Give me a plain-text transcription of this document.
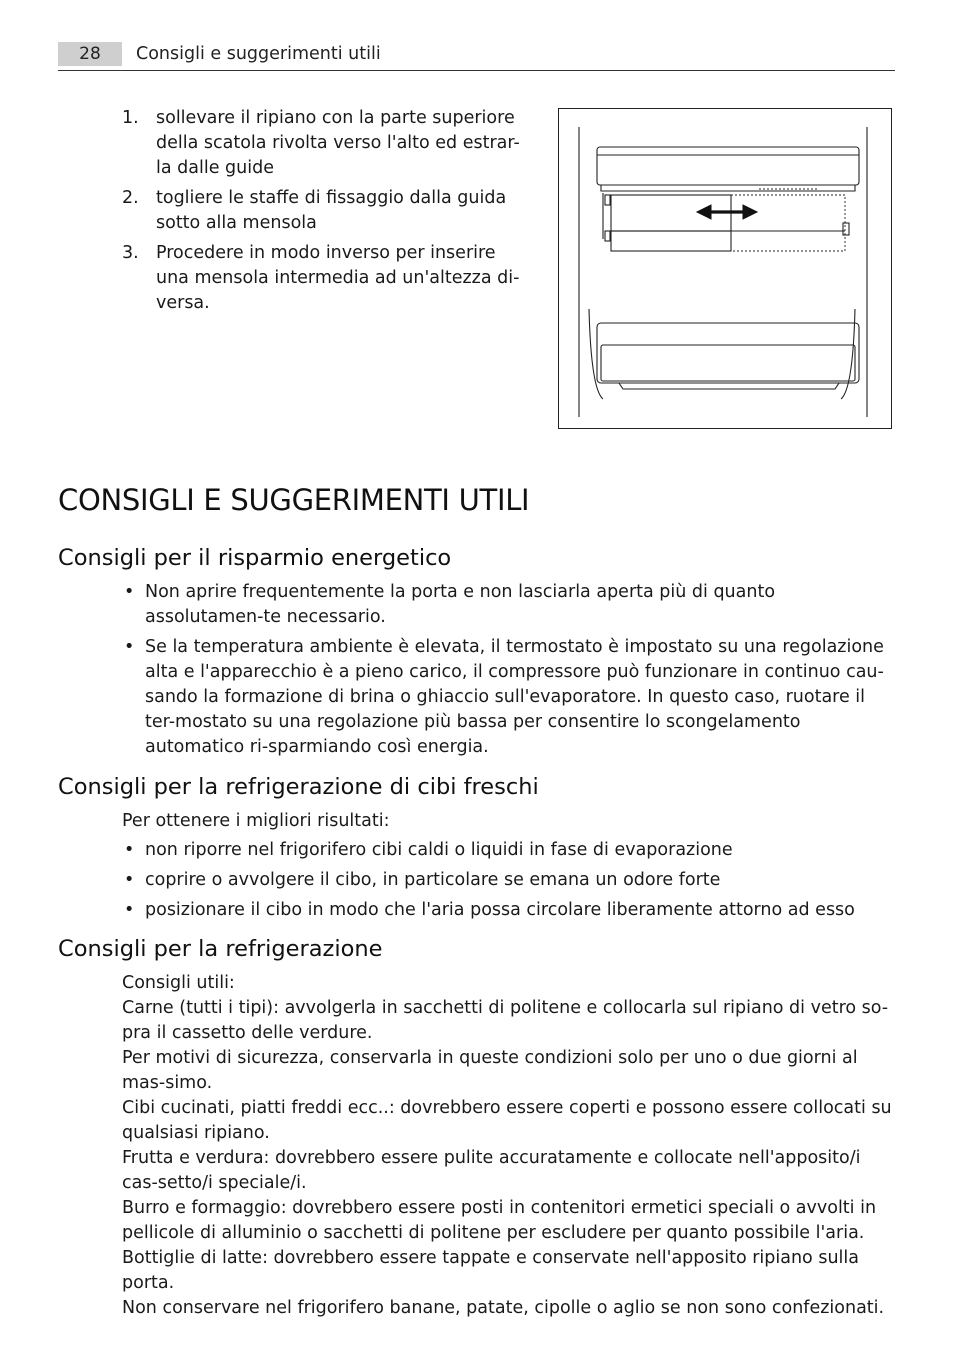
28	Consigli e suggerimenti utili
1. sollevare il ripiano con la parte superiore della scatola rivolta verso l'alto ed estrar-la dalle guide
2. togliere le staffe di fissaggio dalla guida sotto alla mensola
3. Procedere in modo inverso per inserire una mensola intermedia ad un'altezza di-versa.
CONSIGLI E SUGGERIMENTI UTILI
Consigli per il risparmio energetico
• Non aprire frequentemente la porta e non lasciarla aperta più di quanto assolutamen-te necessario.
• Se la temperatura ambiente è elevata, il termostato è impostato su una regolazione alta e l'apparecchio è a pieno carico, il compressore può funzionare in continuo cau-sando la formazione di brina o ghiaccio sull'evaporatore. In questo caso, ruotare il ter-mostato su una regolazione più bassa per consentire lo scongelamento automatico ri-sparmiando così energia.
Consigli per la refrigerazione di cibi freschi

Per ottenere i migliori risultati:

• non riporre nel frigorifero cibi caldi o liquidi in fase di evaporazione
• coprire o avvolgere il cibo, in particolare se emana un odore forte
• posizionare il cibo in modo che l'aria possa circolare liberamente attorno ad esso
Consigli per la refrigerazione

Consigli utili:

Carne (tutti i tipi): avvolgerla in sacchetti di politene e collocarla sul ripiano di vetro so-pra il cassetto delle verdure.

Per motivi di sicurezza, conservarla in queste condizioni solo per uno o due giorni al mas-simo.

Cibi cucinati, piatti freddi ecc..: dovrebbero essere coperti e possono essere collocati su qualsiasi ripiano.

Frutta e verdura: dovrebbero essere pulite accuratamente e collocate nell'apposito/i cas-setto/i speciale/i.

Burro e formaggio: dovrebbero essere posti in contenitori ermetici speciali o avvolti in pellicole di alluminio o sacchetti di politene per escludere per quanto possibile l'aria.

Bottiglie di latte: dovrebbero essere tappate e conservate nell'apposito ripiano sulla porta.

Non conservare nel frigorifero banane, patate, cipolle o aglio se non sono confezionati.
